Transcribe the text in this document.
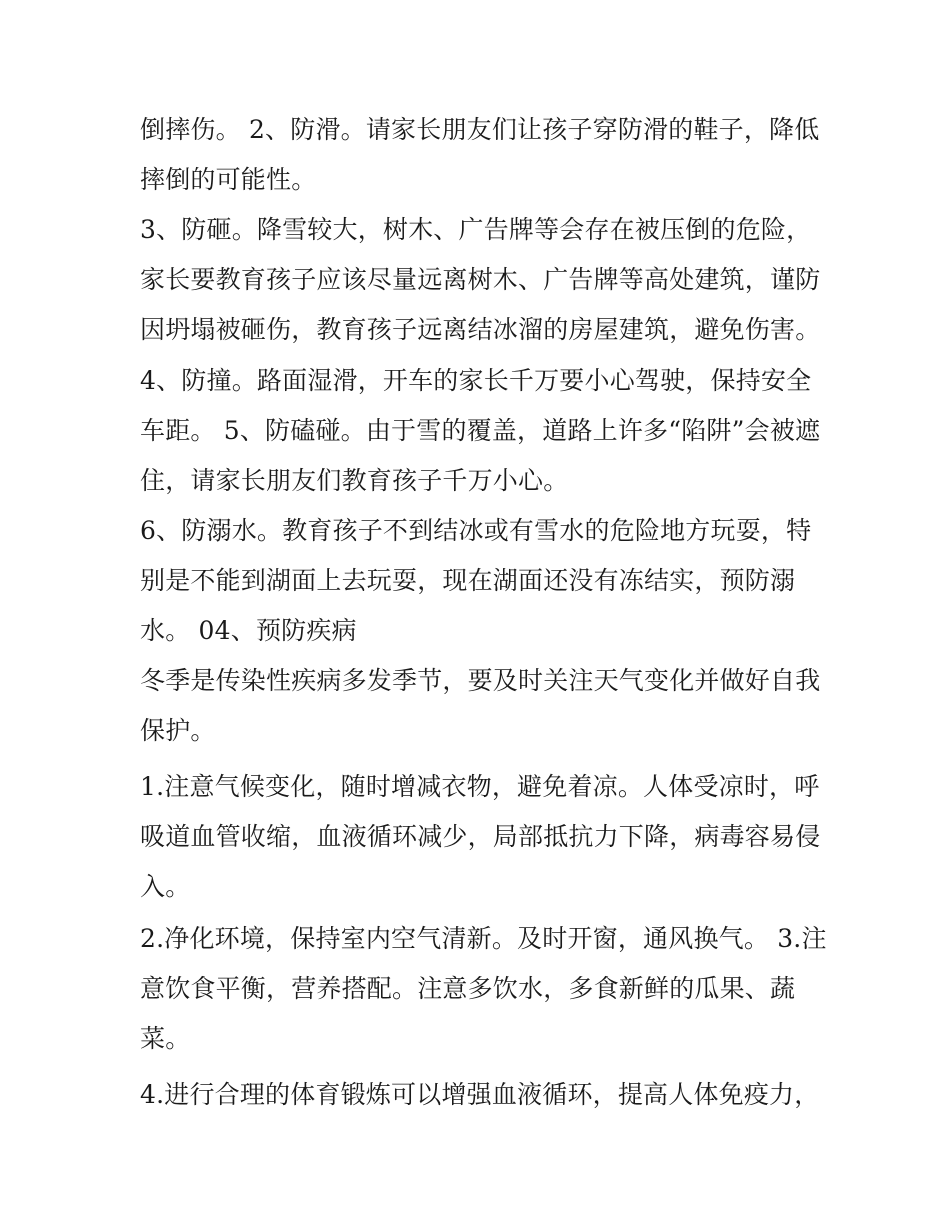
倒摔伤。 2、防滑。请家长朋友们让孩子穿防滑的鞋子，降低
摔倒的可能性。
3、防砸。降雪较大，树木、广告牌等会存在被压倒的危险，
家长要教育孩子应该尽量远离树木、广告牌等高处建筑，谨防
因坍塌被砸伤，教育孩子远离结冰溜的房屋建筑，避免伤害。
4、防撞。路面湿滑，开车的家长千万要小心驾驶，保持安全
车距。 5、防磕碰。由于雪的覆盖，道路上许多“陷阱”会被遮
住，请家长朋友们教育孩子千万小心。
6、防溺水。教育孩子不到结冰或有雪水的危险地方玩耍，特
别是不能到湖面上去玩耍，现在湖面还没有冻结实，预防溺
水。 04、预防疾病
冬季是传染性疾病多发季节，要及时关注天气变化并做好自我
保护。
1.注意气候变化，随时增减衣物，避免着凉。人体受凉时，呼
吸道血管收缩，血液循环减少，局部抵抗力下降，病毒容易侵
入。
2.净化环境，保持室内空气清新。及时开窗，通风换气。 3.注
意饮食平衡，营养搭配。注意多饮水，多食新鲜的瓜果、蔬
菜。
4.进行合理的体育锻炼可以增强血液循环，提高人体免疫力，
